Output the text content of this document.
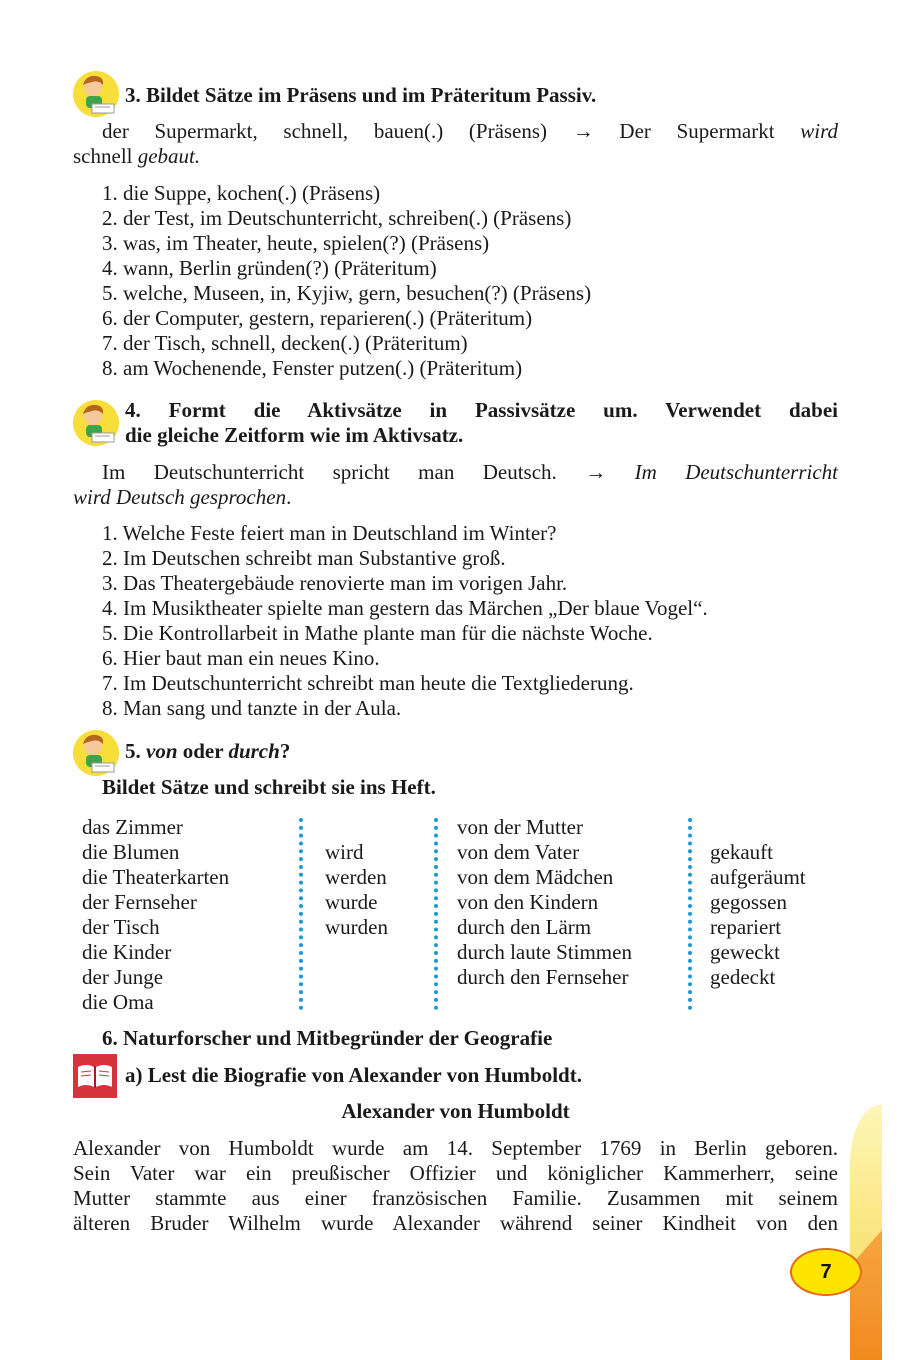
3. Bildet Sätze im Präsens und im Präteritum Passiv.
der Supermarkt, schnell, bauen(.) (Präsens) → Der Supermarkt wird
schnell gebaut.
1. die Suppe, kochen(.) (Präsens)
2. der Test, im Deutschunterricht, schreiben(.) (Präsens)
3. was, im Theater, heute, spielen(?) (Präsens)
4. wann, Berlin gründen(?) (Präteritum)
5. welche, Museen, in, Kyjiw, gern, besuchen(?) (Präsens)
6. der Computer, gestern, reparieren(.) (Präteritum)
7. der Tisch, schnell, decken(.) (Präteritum)
8. am Wochenende, Fenster putzen(.) (Präteritum)
4. Formt die Aktivsätze in Passivsätze um. Verwendet dabei
die gleiche Zeitform wie im Aktivsatz.
Im Deutschunterricht spricht man Deutsch. → Im Deutschunterricht
wird Deutsch gesprochen.
1. Welche Feste feiert man in Deutschland im Winter?
2. Im Deutschen schreibt man Substantive groß.
3. Das Theatergebäude renovierte man im vorigen Jahr.
4. Im Musiktheater spielte man gestern das Märchen „Der blaue Vogel“.
5. Die Kontrollarbeit in Mathe plante man für die nächste Woche.
6. Hier baut man ein neues Kino.
7. Im Deutschunterricht schreibt man heute die Textgliederung.
8. Man sang und tanzte in der Aula.
5. von oder durch?
Bildet Sätze und schreibt sie ins Heft.
das Zimmer
die Blumen
die Theaterkarten
der Fernseher
der Tisch
die Kinder
der Junge
die Oma
wird
werden
wurde
wurden
von der Mutter
von dem Vater
von dem Mädchen
von den Kindern
durch den Lärm
durch laute Stimmen
durch den Fernseher
gekauft
aufgeräumt
gegossen
repariert
geweckt
gedeckt
6. Naturforscher und Mitbegründer der Geografie
a) Lest die Biografie von Alexander von Humboldt.
Alexander von Humboldt
Alexander von Humboldt wurde am 14. September 1769 in Berlin geboren.
Sein Vater war ein preußischer Offizier und königlicher Kammerherr, seine
Mutter stammte aus einer französischen Familie. Zusammen mit seinem
älteren Bruder Wilhelm wurde Alexander während seiner Kindheit von den
7
